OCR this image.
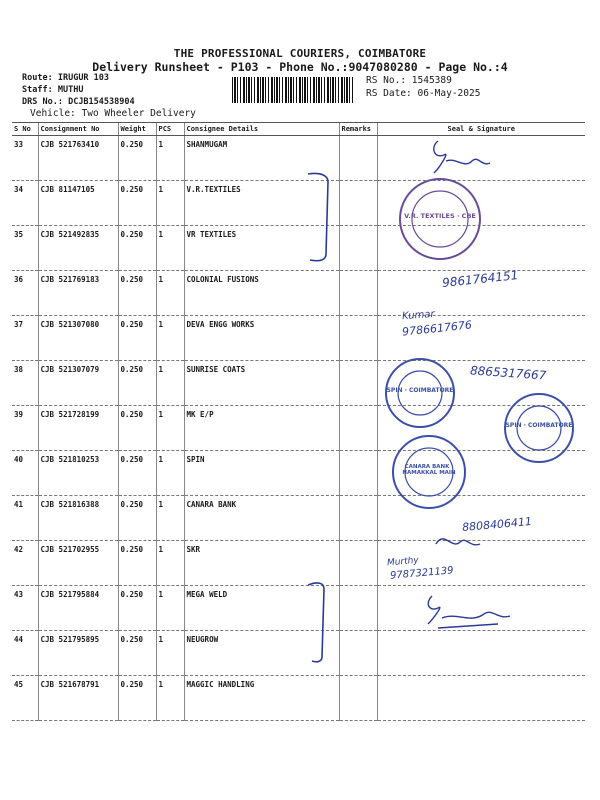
THE PROFESSIONAL COURIERS, COIMBATORE
Delivery Runsheet - P103 - Phone No.:9047080280 - Page No.:4
Route: IRUGUR 103
Staff: MUTHU
DRS No.: DCJB154538904
Vehicle: Two Wheeler Delivery
RS No.: 1545389
RS Date: 06-May-2025
S No	Consignment No	Weight	PCS	Consignee Details	Remarks	Seal & Signature
33	CJB 521763410	0.250	1	SHANMUGAM		
34	CJB 81147105	0.250	1	V.R.TEXTILES		
35	CJB 521492835	0.250	1	VR TEXTILES		
36	CJB 521769183	0.250	1	COLONIAL FUSIONS		
37	CJB 521307080	0.250	1	DEVA ENGG WORKS		
38	CJB 521307079	0.250	1	SUNRISE COATS		
39	CJB 521728199	0.250	1	MK E/P		
40	CJB 521810253	0.250	1	SPIN		
41	CJB 521816388	0.250	1	CANARA BANK		
42	CJB 521702955	0.250	1	SKR		
43	CJB 521795884	0.250	1	MEGA WELD		
44	CJB 521795895	0.250	1	NEUGROW		
45	CJB 521678791	0.250	1	MAGGIC HANDLING		
V.R. TEXTILES · CBE
SPIN · COIMBATORE
SPIN · COIMBATORE
CANARA BANK · NAMAKKAL MAIN
9861764151
Kumar
9786617676
8865317667
8808406411
Murthy
9787321139
